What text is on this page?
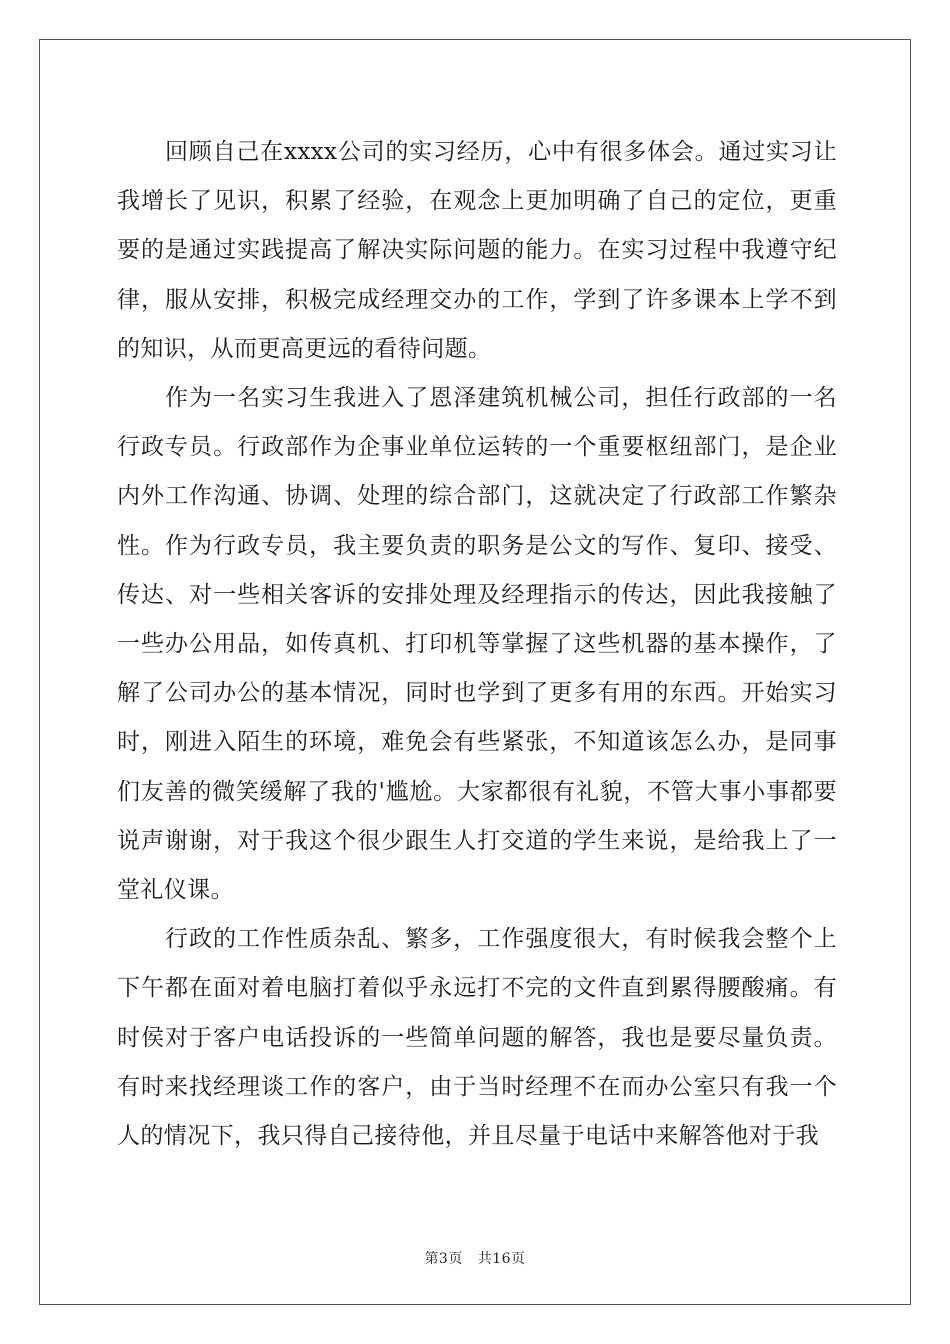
回顾自己在xxxx公司的实习经历，心中有很多体会。通过实习让我增长了见识，积累了经验，在观念上更加明确了自己的定位，更重要的是通过实践提高了解决实际问题的能力。在实习过程中我遵守纪律，服从安排，积极完成经理交办的工作，学到了许多课本上学不到的知识，从而更高更远的看待问题。

作为一名实习生我进入了恩泽建筑机械公司，担任行政部的一名行政专员。行政部作为企事业单位运转的一个重要枢纽部门，是企业内外工作沟通、协调、处理的综合部门，这就决定了行政部工作繁杂性。作为行政专员，我主要负责的职务是公文的写作、复印、接受、传达、对一些相关客诉的安排处理及经理指示的传达，因此我接触了一些办公用品，如传真机、打印机等掌握了这些机器的基本操作，了解了公司办公的基本情况，同时也学到了更多有用的东西。开始实习时，刚进入陌生的环境，难免会有些紧张，不知道该怎么办，是同事们友善的微笑缓解了我的'尴尬。大家都很有礼貌，不管大事小事都要说声谢谢，对于我这个很少跟生人打交道的学生来说，是给我上了一堂礼仪课。

行政的工作性质杂乱、繁多，工作强度很大，有时候我会整个上下午都在面对着电脑打着似乎永远打不完的文件直到累得腰酸痛。有时侯对于客户电话投诉的一些简单问题的解答，我也是要尽量负责。有时来找经理谈工作的客户，由于当时经理不在而办公室只有我一个人的情况下，我只得自己接待他，并且尽量于电话中来解答他对于我

第3页 共16页
